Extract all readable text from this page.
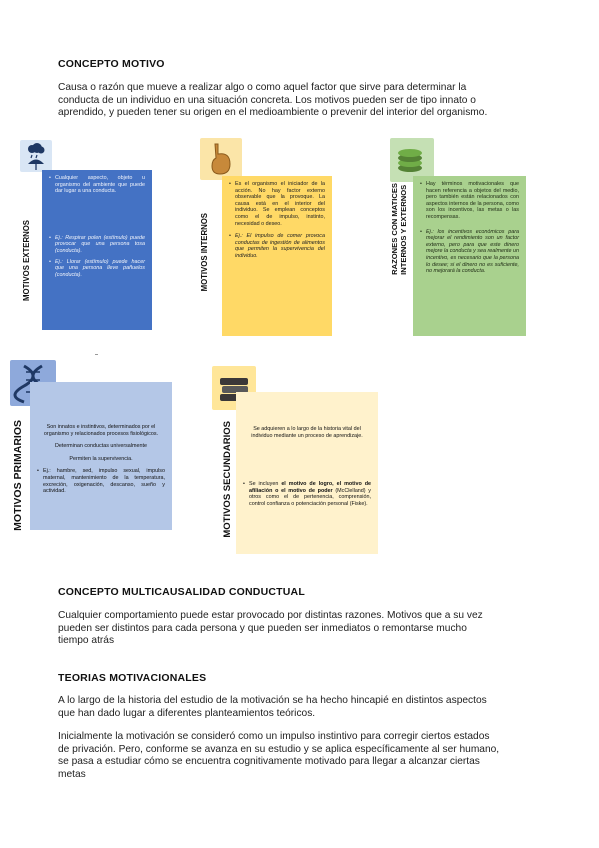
CONCEPTO MOTIVO
Causa o razón que mueve a realizar algo o como aquel factor que sirve para determinar la
conducta de un individuo en una situación concreta. Los motivos pueden ser de tipo innato o
aprendido, y pueden tener su origen en el medioambiente o prevenir del interior del organismo.
MOTIVOS EXTERNOS
• Cualquier aspecto, objeto u organismo del ambiente que puede dar lugar a una conducta.
• Ej.: Respirar polen (estímulo) puede provocar que una persona tosa (conducta).
• Ej.: Llorar (estímulo) puede hacer que una persona lleve pañuelos (conducta).	MOTIVOS INTERNOS
• Es el organismo el iniciador de la acción. No hay factor externo observable que la provoque. La causa está en el interior del individuo. Se emplean conceptos como el de impulso, instinto, necesidad o deseo.
• Ej.: El impulso de comer provoca conductas de ingestión de alimentos que permiten la supervivencia del individuo.	RAZONES CON MATICES
INTERNOS Y EXTERNOS
• Hay términos motivacionales que hacen referencia a objetos del medio, pero también están relacionados con aspectos internos de la persona, como son los incentivos, las metas o las recompensas.
• Ej.: los incentivos económicos para mejorar el rendimiento son un factor externo, pero para que este dinero mejore la conducta y sea realmente un incentivo, es necesario que la persona lo desee; si el dinero no es suficiente, no mejorará la conducta.
MOTIVOS PRIMARIOS	Son innatos e instintivos, determinados por el organismo y relacionados procesos fisiológicos.

Determinan conductas universalmente

Permiten la supervivencia.

• Ej.: hambre, sed, impulso sexual, impulso maternal, mantenimiento de la temperatura, excreción, oxigenación, descanso, sueño y actividad.	MOTIVOS SECUNDARIOS	Se adquieren a lo largo de la historia vital del individuo mediante un proceso de aprendizaje.

• Se incluyen el motivo de logro, el motivo de afiliación o el motivo de poder (McClelland) y otros como el de pertenencia, comprensión, control confianza o potenciación personal (Fiske).
CONCEPTO MULTICAUSALIDAD CONDUCTUAL
Cualquier comportamiento puede estar provocado por distintas razones. Motivos que a su vez
pueden ser distintos para cada persona y que pueden ser inmediatos o remontarse mucho
tiempo atrás
TEORIAS MOTIVACIONALES
A lo largo de la historia del estudio de la motivación se ha hecho hincapié en distintos aspectos
que han dado lugar a diferentes planteamientos teóricos.
Inicialmente la motivación se consideró como un impulso instintivo para corregir ciertos estados
de privación. Pero, conforme se avanza en su estudio y se aplica específicamente al ser humano,
se pasa a estudiar cómo se encuentra cognitivamente motivado para llegar a alcanzar ciertas
metas
